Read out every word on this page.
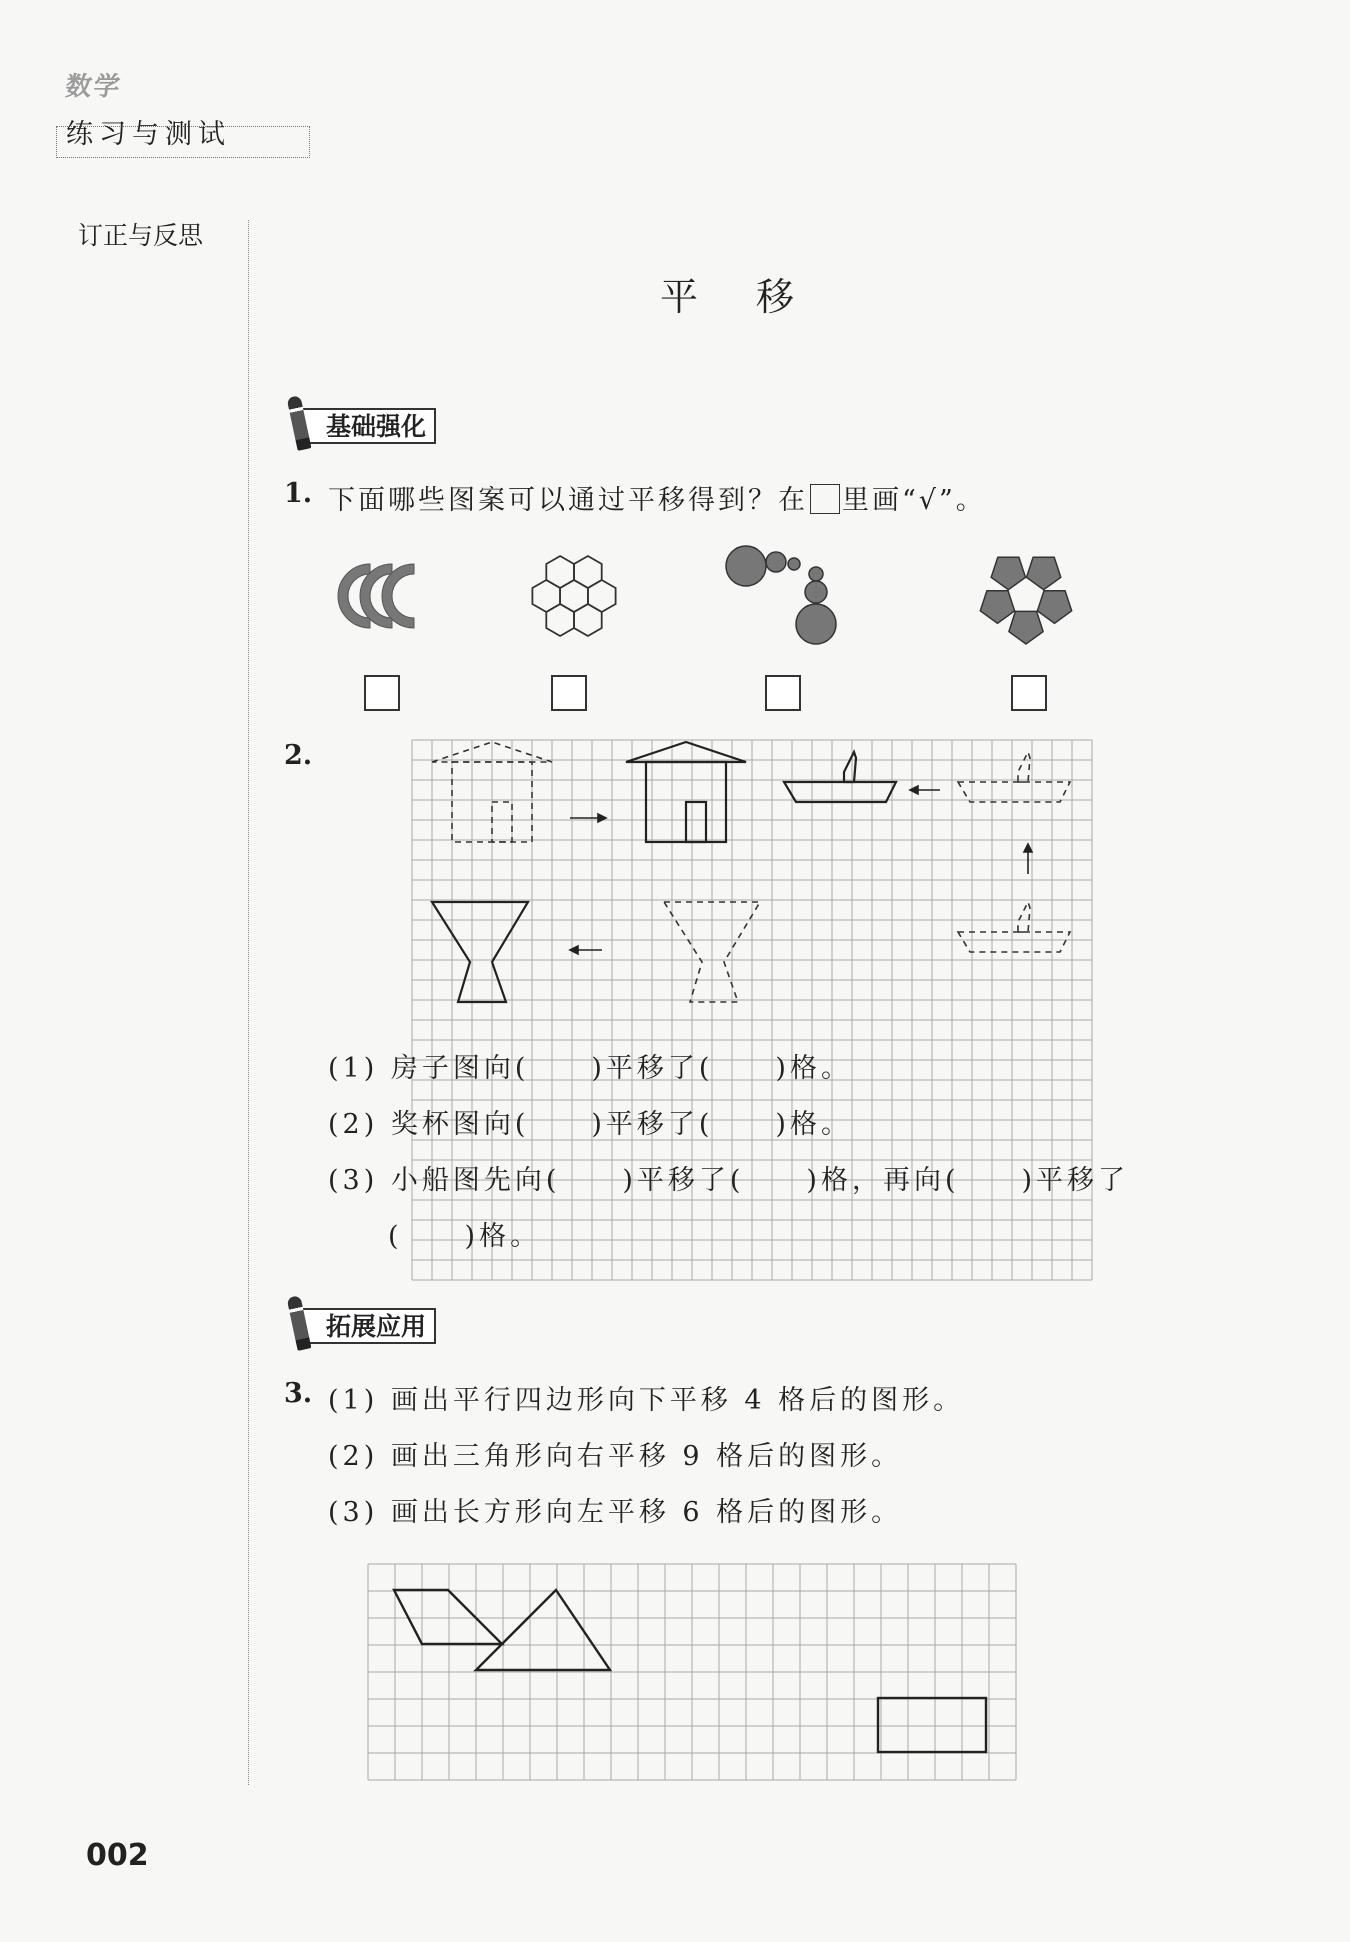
数学
练习与测试
订正与反思
平移
基础强化
1. 下面哪些图案可以通过平移得到？在 里画“√”。
2.
(1) 房子图向(　　)平移了(　　)格。
(2) 奖杯图向(　　)平移了(　　)格。
(3) 小船图先向(　　)平移了(　　)格，再向(　　)平移了
(　　)格。
拓展应用
3. (1) 画出平行四边形向下平移 4 格后的图形。
(2) 画出三角形向右平移 9 格后的图形。
(3) 画出长方形向左平移 6 格后的图形。
002
